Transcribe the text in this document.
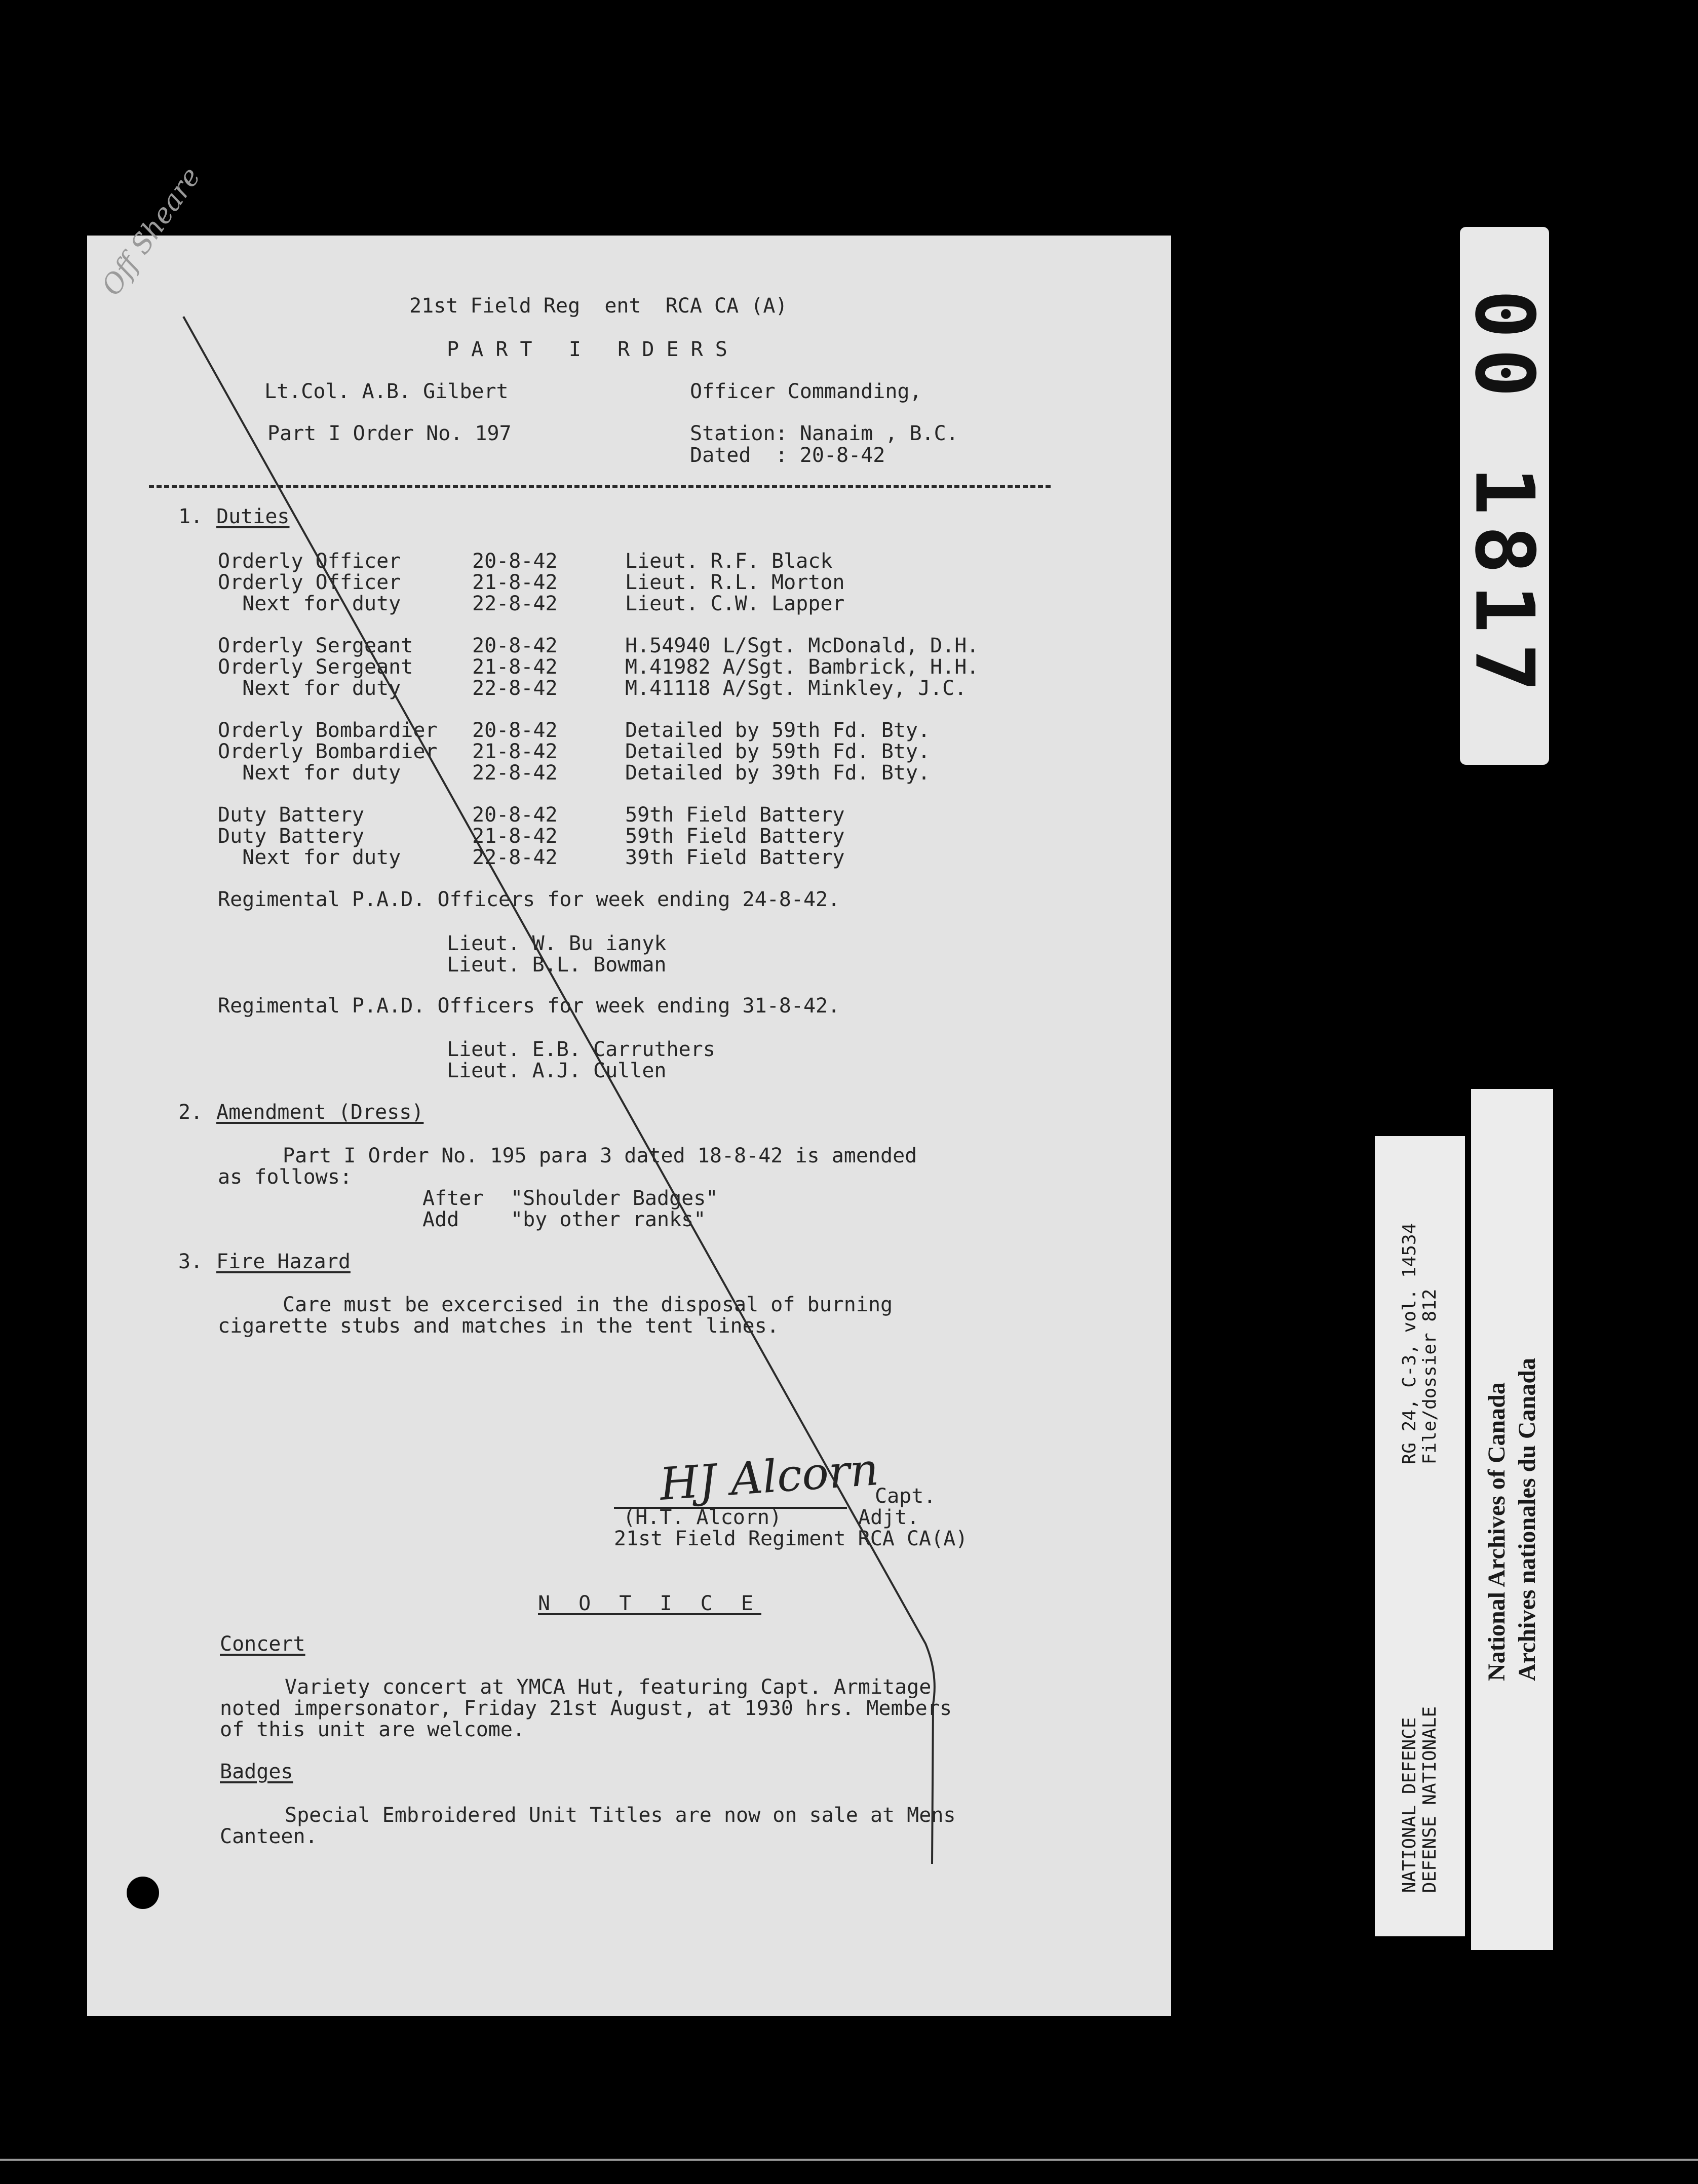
Off Sheare
21st Field Reg  ent  RCA CA (A)
P A R T   I   R D E R S
Lt.Col. A.B. Gilbert	Officer Commanding,
Part I Order No. 197	Station: Nanaim , B.C.
Dated  : 20-8-42
1. Duties
Orderly Officer	20-8-42	Lieut. R.F. Black
Orderly Officer	21-8-42	Lieut. R.L. Morton
Next for duty	22-8-42	Lieut. C.W. Lapper
Orderly Sergeant	20-8-42	H.54940 L/Sgt. McDonald, D.H.
Orderly Sergeant	21-8-42	M.41982 A/Sgt. Bambrick, H.H.
Next for duty	22-8-42	M.41118 A/Sgt. Minkley, J.C.
Orderly Bombardier 20-8-42	Detailed by 59th Fd. Bty.
Orderly Bombardier 21-8-42	Detailed by 59th Fd. Bty.
Next for duty	22-8-42	Detailed by 39th Fd. Bty.
Duty Battery	20-8-42	59th Field Battery
Duty Battery	21-8-42	59th Field Battery
Next for duty	22-8-42	39th Field Battery
Regimental P.A.D. Officers for week ending 24-8-42.
Lieut. W. Bu ianyk
Lieut. B.L. Bowman
Regimental P.A.D. Officers for week ending 31-8-42.
Lieut. E.B. Carruthers
Lieut. A.J. Cullen
2. Amendment (Dress)
Part I Order No. 195 para 3 dated 18-8-42 is amended
as follows:
After "Shoulder Badges"
Add	"by other ranks"
3. Fire Hazard
Care must be excercised in the disposal of burning
cigarette stubs and matches in the tent lines.
HJ Alcorn
Capt.
(H.T. Alcorn)	Adjt.
21st Field Regiment RCA CA(A)
N O T I C E
Concert
Variety concert at YMCA Hut, featuring Capt. Armitage
noted impersonator, Friday 21st August, at 1930 hrs. Members
of this unit are welcome.
Badges
Special Embroidered Unit Titles are now on sale at Mens
Canteen.
00 1817
RG 24, C-3, vol. 14534 File/dossier 812
NATIONAL DEFENCE DEFENSE NATIONALE
National Archives of Canada Archives nationales du Canada
